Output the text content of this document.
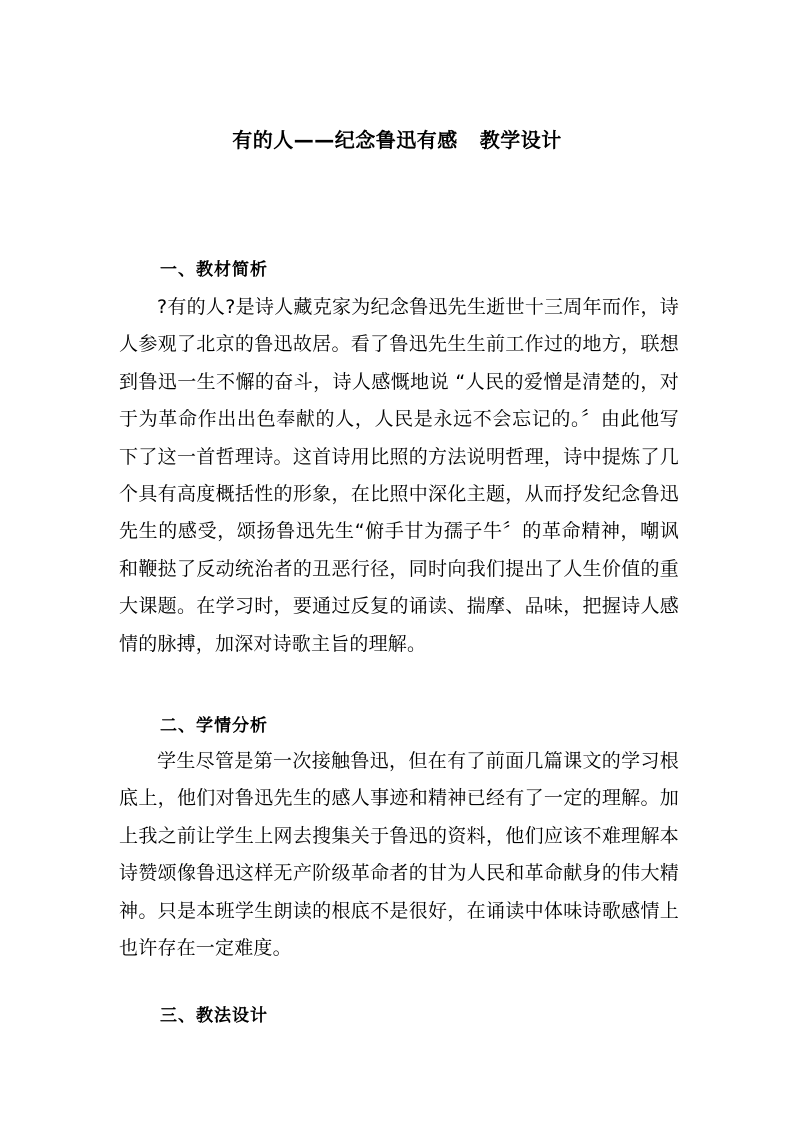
有的人——纪念鲁迅有感 教学设计
一、教材简析
?有的人?是诗人藏克家为纪念鲁迅先生逝世十三周年而作，诗人参观了北京的鲁迅故居。看了鲁迅先生生前工作过的地方，联想到鲁迅一生不懈的奋斗，诗人感慨地说 “人民的爱憎是清楚的，对于为革命作出出色奉献的人，人民是永远不会忘记的。〞由此他写下了这一首哲理诗。这首诗用比照的方法说明哲理，诗中提炼了几个具有高度概括性的形象，在比照中深化主题，从而抒发纪念鲁迅先生的感受，颂扬鲁迅先生“俯手甘为孺子牛〞的革命精神，嘲讽和鞭挞了反动统治者的丑恶行径，同时向我们提出了人生价值的重大课题。在学习时，要通过反复的诵读、揣摩、品味，把握诗人感情的脉搏，加深对诗歌主旨的理解。
二、学情分析
学生尽管是第一次接触鲁迅，但在有了前面几篇课文的学习根底上，他们对鲁迅先生的感人事迹和精神已经有了一定的理解。加上我之前让学生上网去搜集关于鲁迅的资料，他们应该不难理解本诗赞颂像鲁迅这样无产阶级革命者的甘为人民和革命献身的伟大精神。只是本班学生朗读的根底不是很好，在诵读中体味诗歌感情上也许存在一定难度。
三、教法设计
